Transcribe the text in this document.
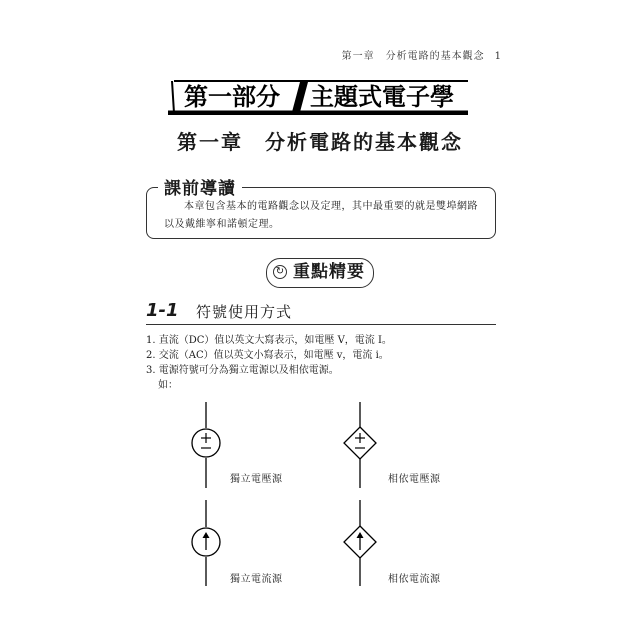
第一章　分析電路的基本觀念 1
第一部分 主題式電子學
第一章 分析電路的基本觀念
課前導讀
本章包含基本的電路觀念以及定理，其中最重要的就是雙埠網路以及戴維寧和諾頓定理。
↻ 重點精要
1-1 符號使用方式
1. 直流（DC）值以英文大寫表示，如電壓 V，電流 I。
2. 交流（AC）值以英文小寫表示，如電壓 v，電流 i。
3. 電源符號可分為獨立電源以及相依電源。
如：
獨立電壓源	相依電壓源
獨立電流源	相依電流源
